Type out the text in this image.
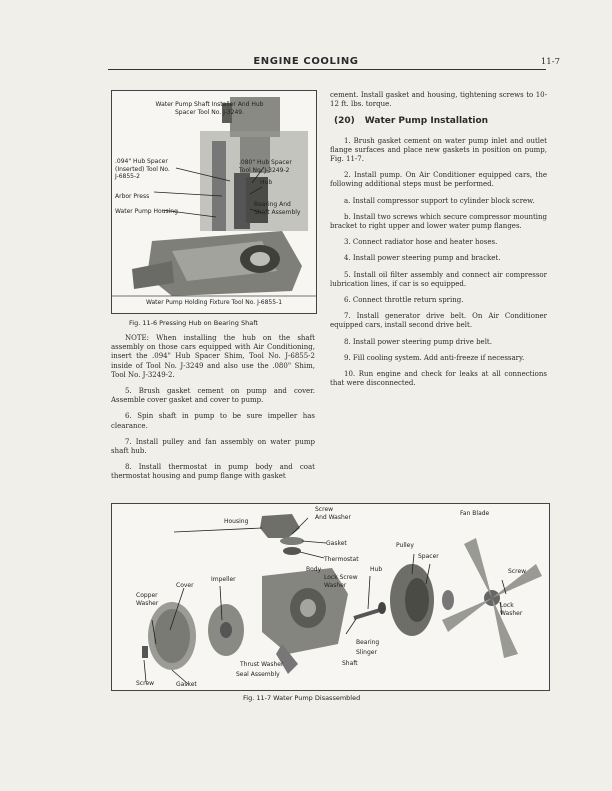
ENGINE COOLING	11-7
Water Pump Shaft Installer And Hub
Spacer Tool No. J-3249.
.094" Hub Spacer
(Inserted) Tool No.
J-6855-2
.080" Hub Spacer
Tool No. J-3249-2
Hub
Arbor Press
Bearing And
Shaft Assembly
Water Pump Housing
Water Pump Holding Fixture Tool No. J-6855-1
Fig. 11-6 Pressing Hub on Bearing Shaft

NOTE: When installing the hub on the shaft assembly on those cars equipped with Air Conditioning, insert the .094" Hub Spacer Shim, Tool No. J-6855-2 inside of Tool No. J-3249 and also use the .080" Shim, Tool No. J-3249-2.

5. Brush gasket cement on pump and cover. Assemble cover gasket and cover to pump.

6. Spin shaft in pump to be sure impeller has clearance.

7. Install pulley and fan assembly on water pump shaft hub.

8. Install thermostat in pump body and coat thermostat housing and pump flange with gasket

cement. Install gasket and housing, tightening screws to 10-12 ft. lbs. torque.

(20) Water Pump Installation

1. Brush gasket cement on water pump inlet and outlet flange surfaces and place new gaskets in position on pump, Fig. 11-7.

2. Install pump. On Air Conditioner equipped cars, the following additional steps must be performed.

a. Install compressor support to cylinder block screw.

b. Install two screws which secure compressor mounting bracket to right upper and lower water pump flanges.

3. Connect radiator hose and heater hoses.

4. Install power steering pump and bracket.

5. Install oil filter assembly and connect air compressor lubrication lines, if car is so equipped.

6. Connect throttle return spring.

7. Install generator drive belt. On Air Conditioner equipped cars, install second drive belt.

8. Install power steering pump drive belt.

9. Fill cooling system. Add anti-freeze if necessary.

10. Run engine and check for leaks at all connections that were disconnected.

Screw
And Washer
Housing
Fan Blade
Gasket	Pulley
Spacer
Thermostat
Body	Hub	Screw
Lock Screw
Washer
Impeller
Cover
Copper
Washer	Lock
Washer
Bearing
Slinger
Shaft
Thrust Washer
Seal Assembly
Screw	Gasket
Fig. 11-7 Water Pump Disassembled
